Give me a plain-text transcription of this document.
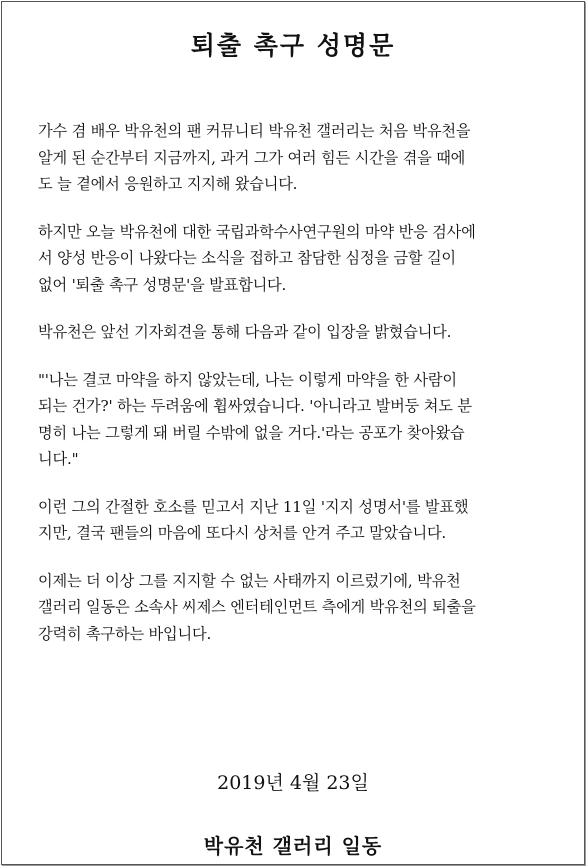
퇴출 촉구 성명문
가수 겸 배우 박유천의 팬 커뮤니티 박유천 갤러리는 처음 박유천을
알게 된 순간부터 지금까지, 과거 그가 여러 힘든 시간을 겪을 때에
도 늘 곁에서 응원하고 지지해 왔습니다.
하지만 오늘 박유천에 대한 국립과학수사연구원의 마약 반응 검사에
서 양성 반응이 나왔다는 소식을 접하고 참담한 심정을 금할 길이
없어 '퇴출 촉구 성명문'을 발표합니다.
박유천은 앞선 기자회견을 통해 다음과 같이 입장을 밝혔습니다.
"'나는 결코 마약을 하지 않았는데, 나는 이렇게 마약을 한 사람이
되는 건가?' 하는 두려움에 휩싸였습니다. '아니라고 발버둥 쳐도 분
명히 나는 그렇게 돼 버릴 수밖에 없을 거다.'라는 공포가 찾아왔습
니다."
이런 그의 간절한 호소를 믿고서 지난 11일 '지지 성명서'를 발표했
지만, 결국 팬들의 마음에 또다시 상처를 안겨 주고 말았습니다.
이제는 더 이상 그를 지지할 수 없는 사태까지 이르렀기에, 박유천
갤러리 일동은 소속사 씨제스 엔터테인먼트 측에게 박유천의 퇴출을
강력히 촉구하는 바입니다.
2019년 4월 23일
박유천 갤러리 일동
